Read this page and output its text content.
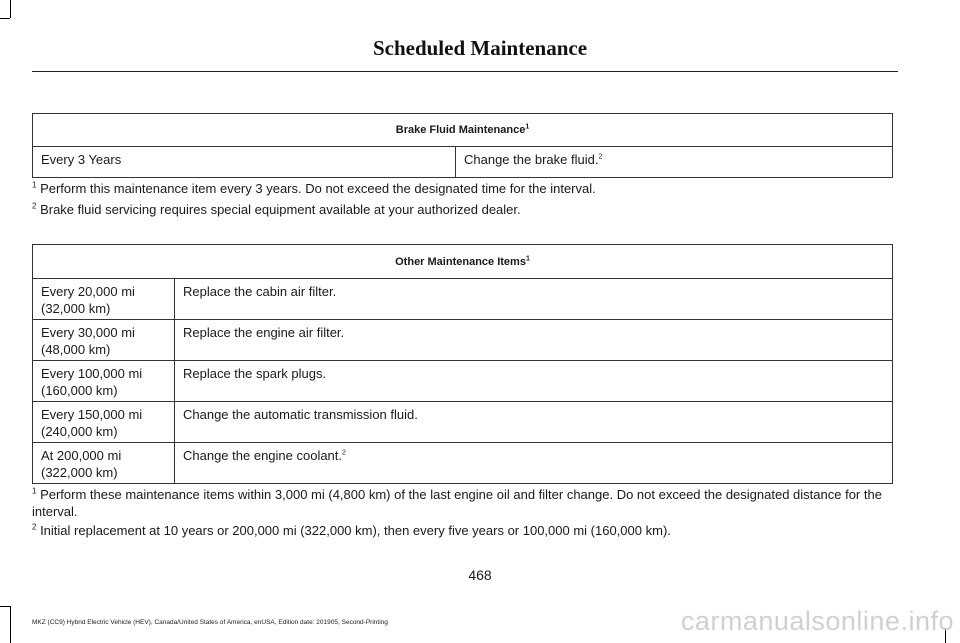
Scheduled Maintenance
Brake Fluid Maintenance$^1$
Every 3 Years	Change the brake fluid.$^2$
$^1$ Perform this maintenance item every 3 years. Do not exceed the designated time for the interval.
$^2$ Brake fluid servicing requires special equipment available at your authorized dealer.
Other Maintenance Items$^1$
Every 20,000 mi
(32,000 km)	Replace the cabin air filter.
Every 30,000 mi
(48,000 km)	Replace the engine air filter.
Every 100,000 mi
(160,000 km)	Replace the spark plugs.
Every 150,000 mi
(240,000 km)	Change the automatic transmission fluid.
At 200,000 mi
(322,000 km)	Change the engine coolant.$^2$
$^1$ Perform these maintenance items within 3,000 mi (4,800 km) of the last engine oil and filter change. Do not exceed the designated distance for the interval.
$^2$ Initial replacement at 10 years or 200,000 mi (322,000 km), then every five years or 100,000 mi (160,000 km).
468
MKZ (CC9) Hybrid Electric Vehicle (HEV), Canada/United States of America, enUSA, Edition date: 201905, Second-Printing	carmanualsonline.info
